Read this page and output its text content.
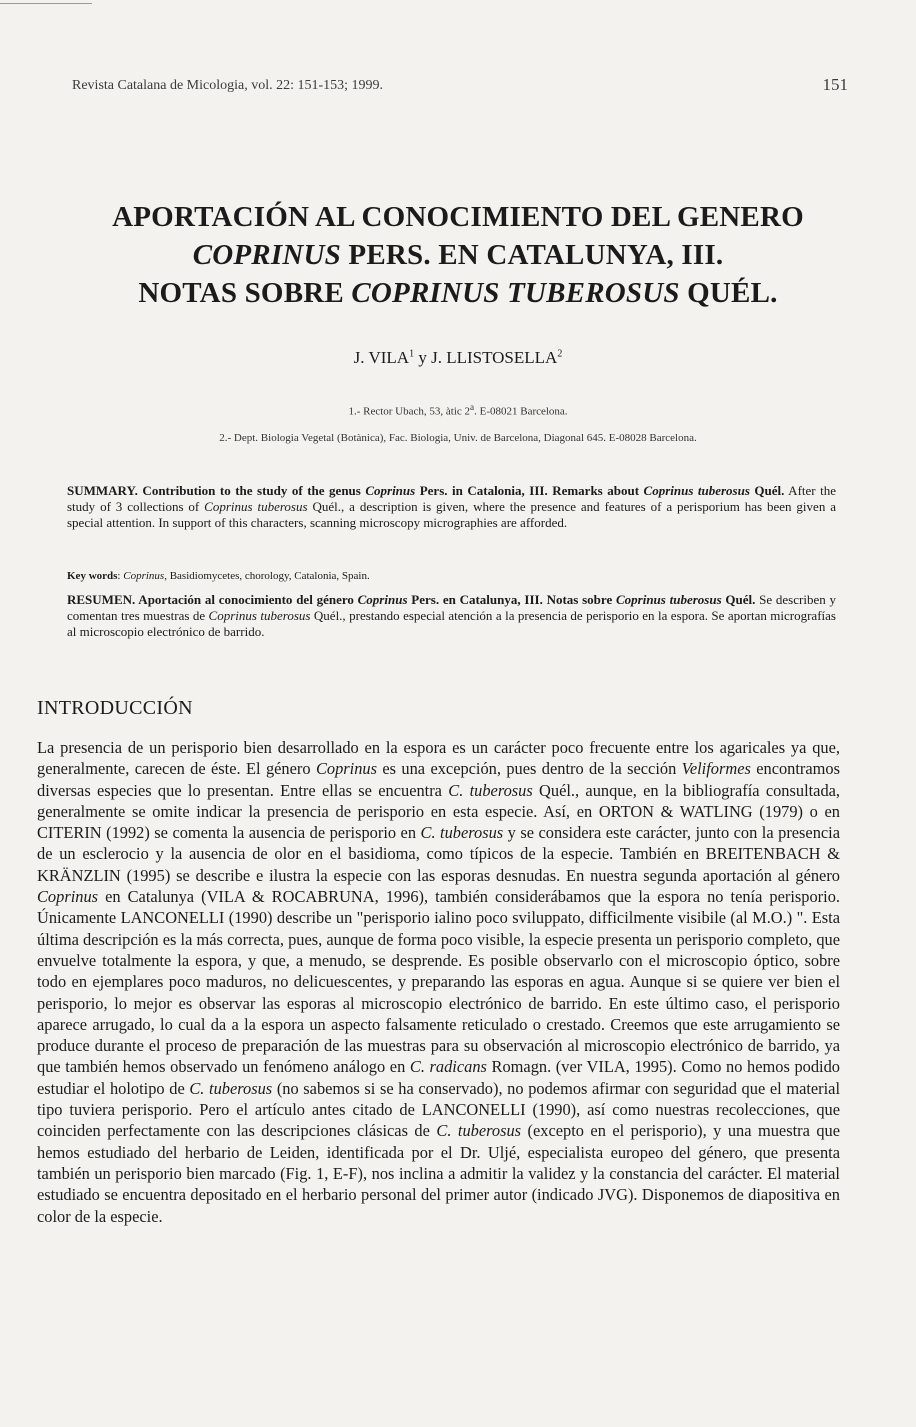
Revista Catalana de Micologia, vol. 22: 151-153; 1999.	151
APORTACIÓN AL CONOCIMIENTO DEL GENERO
COPRINUS PERS. EN CATALUNYA, III.
NOTAS SOBRE COPRINUS TUBEROSUS QUÉL.
J. VILA$^1$ y J. LLISTOSELLA$^2$
1.- Rector Ubach, 53, àtic 2$^a$. E-08021 Barcelona.
2.- Dept. Biologia Vegetal (Botànica), Fac. Biologia, Univ. de Barcelona, Diagonal 645. E-08028 Barcelona.
SUMMARY. Contribution to the study of the genus Coprinus Pers. in Catalonia, III. Remarks about Coprinus tuberosus Quél. After the study of 3 collections of Coprinus tuberosus Quél., a description is given, where the presence and features of a perisporium has been given a special attention. In support of this characters, scanning microscopy micrographies are afforded.
Key words: Coprinus, Basidiomycetes, chorology, Catalonia, Spain.
RESUMEN. Aportación al conocimiento del género Coprinus Pers. en Catalunya, III. Notas sobre Coprinus tuberosus Quél. Se describen y comentan tres muestras de Coprinus tuberosus Quél., prestando especial atención a la presencia de perisporio en la espora. Se aportan micrografías al microscopio electrónico de barrido.
INTRODUCCIÓN

La presencia de un perisporio bien desarrollado en la espora es un carácter poco frecuente entre los agaricales ya que, generalmente, carecen de éste. El género Coprinus es una excepción, pues dentro de la sección Veliformes encontramos diversas especies que lo presentan. Entre ellas se encuentra C. tuberosus Quél., aunque, en la bibliografía consultada, generalmente se omite indicar la presencia de perisporio en esta especie. Así, en ORTON & WATLING (1979) o en CITERIN (1992) se comenta la ausencia de perisporio en C. tuberosus y se considera este carácter, junto con la presencia de un esclerocio y la ausencia de olor en el basidioma, como típicos de la especie. También en BREITENBACH & KRÄNZLIN (1995) se describe e ilustra la especie con las esporas desnudas. En nuestra segunda aportación al género Coprinus en Catalunya (VILA & ROCABRUNA, 1996), también considerábamos que la espora no tenía perisporio. Únicamente LANCONELLI (1990) describe un "perisporio ialino poco sviluppato, difficilmente visibile (al M.O.) ". Esta última descripción es la más correcta, pues, aunque de forma poco visible, la especie presenta un perisporio completo, que envuelve totalmente la espora, y que, a menudo, se desprende. Es posible observarlo con el microscopio óptico, sobre todo en ejemplares poco maduros, no delicuescentes, y preparando las esporas en agua. Aunque si se quiere ver bien el perisporio, lo mejor es observar las esporas al microscopio electrónico de barrido. En este último caso, el perisporio aparece arrugado, lo cual da a la espora un aspecto falsamente reticulado o crestado. Creemos que este arrugamiento se produce durante el proceso de preparación de las muestras para su observación al microscopio electrónico de barrido, ya que también hemos observado un fenómeno análogo en C. radicans Romagn. (ver VILA, 1995). Como no hemos podido estudiar el holotipo de C. tuberosus (no sabemos si se ha conservado), no podemos afirmar con seguridad que el material tipo tuviera perisporio. Pero el artículo antes citado de LANCONELLI (1990), así como nuestras recolecciones, que coinciden perfectamente con las descripciones clásicas de C. tuberosus (excepto en el perisporio), y una muestra que hemos estudiado del herbario de Leiden, identificada por el Dr. Uljé, especialista europeo del género, que presenta también un perisporio bien marcado (Fig. 1, E-F), nos inclina a admitir la validez y la constancia del carácter. El material estudiado se encuentra depositado en el herbario personal del primer autor (indicado JVG). Disponemos de diapositiva en color de la especie.
